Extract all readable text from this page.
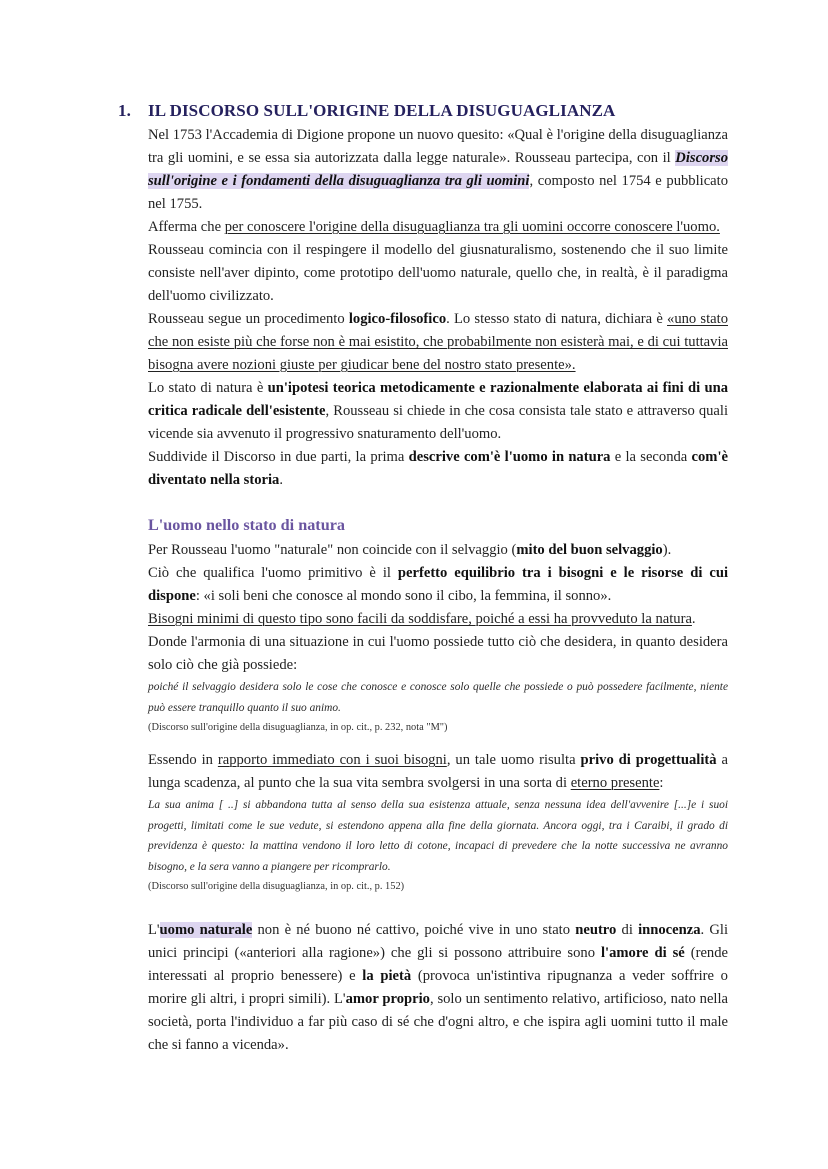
1. IL DISCORSO SULL'ORIGINE DELLA DISUGUAGLIANZA

Nel 1753 l'Accademia di Digione propone un nuovo quesito: «Qual è l'origine della disuguaglianza tra gli uomini, e se essa sia autorizzata dalla legge naturale». Rousseau partecipa, con il Discorso sull'origine e i fondamenti della disuguaglianza tra gli uomini, composto nel 1754 e pubblicato nel 1755.

Afferma che per conoscere l'origine della disuguaglianza tra gli uomini occorre conoscere l'uomo.

Rousseau comincia con il respingere il modello del giusnaturalismo, sostenendo che il suo limite consiste nell'aver dipinto, come prototipo dell'uomo naturale, quello che, in realtà, è il paradigma dell'uomo civilizzato.

Rousseau segue un procedimento logico-filosofico. Lo stesso stato di natura, dichiara è «uno stato che non esiste più che forse non è mai esistito, che probabilmente non esisterà mai, e di cui tuttavia bisogna avere nozioni giuste per giudicar bene del nostro stato presente».

Lo stato di natura è un'ipotesi teorica metodicamente e razionalmente elaborata ai fini di una critica radicale dell'esistente, Rousseau si chiede in che cosa consista tale stato e attraverso quali vicende sia avvenuto il progressivo snaturamento dell'uomo.

Suddivide il Discorso in due parti, la prima descrive com'è l'uomo in natura e la seconda com'è diventato nella storia.

L'uomo nello stato di natura

Per Rousseau l'uomo "naturale" non coincide con il selvaggio (mito del buon selvaggio).

Ciò che qualifica l'uomo primitivo è il perfetto equilibrio tra i bisogni e le risorse di cui dispone: «i soli beni che conosce al mondo sono il cibo, la femmina, il sonno».

Bisogni minimi di questo tipo sono facili da soddisfare, poiché a essi ha provveduto la natura.

Donde l'armonia di una situazione in cui l'uomo possiede tutto ciò che desidera, in quanto desidera solo ciò che già possiede:

poiché il selvaggio desidera solo le cose che conosce e conosce solo quelle che possiede o può possedere facilmente, niente può essere tranquillo quanto il suo animo.

(Discorso sull'origine della disuguaglianza, in op. cit., p. 232, nota "M")

Essendo in rapporto immediato con i suoi bisogni, un tale uomo risulta privo di progettualità a lunga scadenza, al punto che la sua vita sembra svolgersi in una sorta di eterno presente:

La sua anima [ ..] si abbandona tutta al senso della sua esistenza attuale, senza nessuna idea dell'avvenire [...]e i suoi progetti, limitati come le sue vedute, si estendono appena alla fine della giornata. Ancora oggi, tra i Caraibi, il grado di previdenza è questo: la mattina vendono il loro letto di cotone, incapaci di prevedere che la notte successiva ne avranno bisogno, e la sera vanno a piangere per ricomprarlo.

(Discorso sull'origine della disuguaglianza, in op. cit., p. 152)

L'uomo naturale non è né buono né cattivo, poiché vive in uno stato neutro di innocenza. Gli unici principi («anteriori alla ragione») che gli si possono attribuire sono l'amore di sé (rende interessati al proprio benessere) e la pietà (provoca un'istintiva ripugnanza a veder soffrire o morire gli altri, i propri simili). L'amor proprio, solo un sentimento relativo, artificioso, nato nella società, porta l'individuo a far più caso di sé che d'ogni altro, e che ispira agli uomini tutto il male che si fanno a vicenda».
